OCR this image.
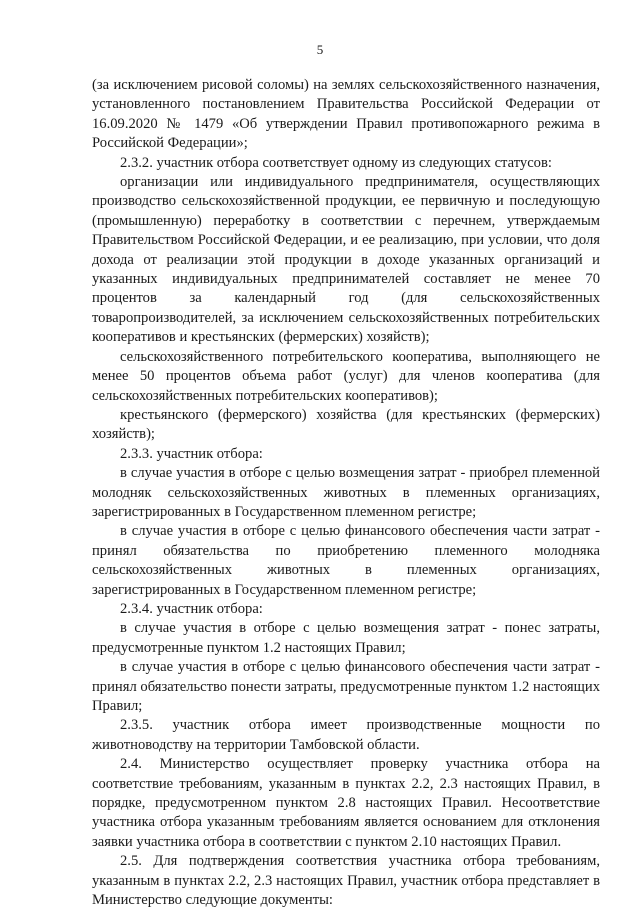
5

(за исключением рисовой соломы) на землях сельскохозяйственного назначения, установленного постановлением Правительства Российской Федерации от 16.09.2020 № 1479 «Об утверждении Правил противопожарного режима в Российской Федерации»;

2.3.2. участник отбора соответствует одному из следующих статусов:

организации или индивидуального предпринимателя, осуществляющих производство сельскохозяйственной продукции, ее первичную и последующую (промышленную) переработку в соответствии с перечнем, утверждаемым Правительством Российской Федерации, и ее реализацию, при условии, что доля дохода от реализации этой продукции в доходе указанных организаций и указанных индивидуальных предпринимателей составляет не менее 70 процентов за календарный год (для сельскохозяйственных товаропроизводителей, за исключением сельскохозяйственных потребительских кооперативов и крестьянских (фермерских) хозяйств);

сельскохозяйственного потребительского кооператива, выполняющего не менее 50 процентов объема работ (услуг) для членов кооператива (для сельскохозяйственных потребительских кооперативов);

крестьянского (фермерского) хозяйства (для крестьянских (фермерских) хозяйств);

2.3.3. участник отбора:

в случае участия в отборе с целью возмещения затрат - приобрел племенной молодняк сельскохозяйственных животных в племенных организациях, зарегистрированных в Государственном племенном регистре;

в случае участия в отборе с целью финансового обеспечения части затрат - принял обязательства по приобретению племенного молодняка сельскохозяйственных животных в племенных организациях, зарегистрированных в Государственном племенном регистре;

2.3.4. участник отбора:

в случае участия в отборе с целью возмещения затрат - понес затраты, предусмотренные пунктом 1.2 настоящих Правил;

в случае участия в отборе с целью финансового обеспечения части затрат - принял обязательство понести затраты, предусмотренные пунктом 1.2 настоящих Правил;

2.3.5. участник отбора имеет производственные мощности по животноводству на территории Тамбовской области.

2.4. Министерство осуществляет проверку участника отбора на соответствие требованиям, указанным в пунктах 2.2, 2.3 настоящих Правил, в порядке, предусмотренном пунктом 2.8 настоящих Правил. Несоответствие участника отбора указанным требованиям является основанием для отклонения заявки участника отбора в соответствии с пунктом 2.10 настоящих Правил.

2.5. Для подтверждения соответствия участника отбора требованиям, указанным в пунктах 2.2, 2.3 настоящих Правил, участник отбора представляет в Министерство следующие документы:
